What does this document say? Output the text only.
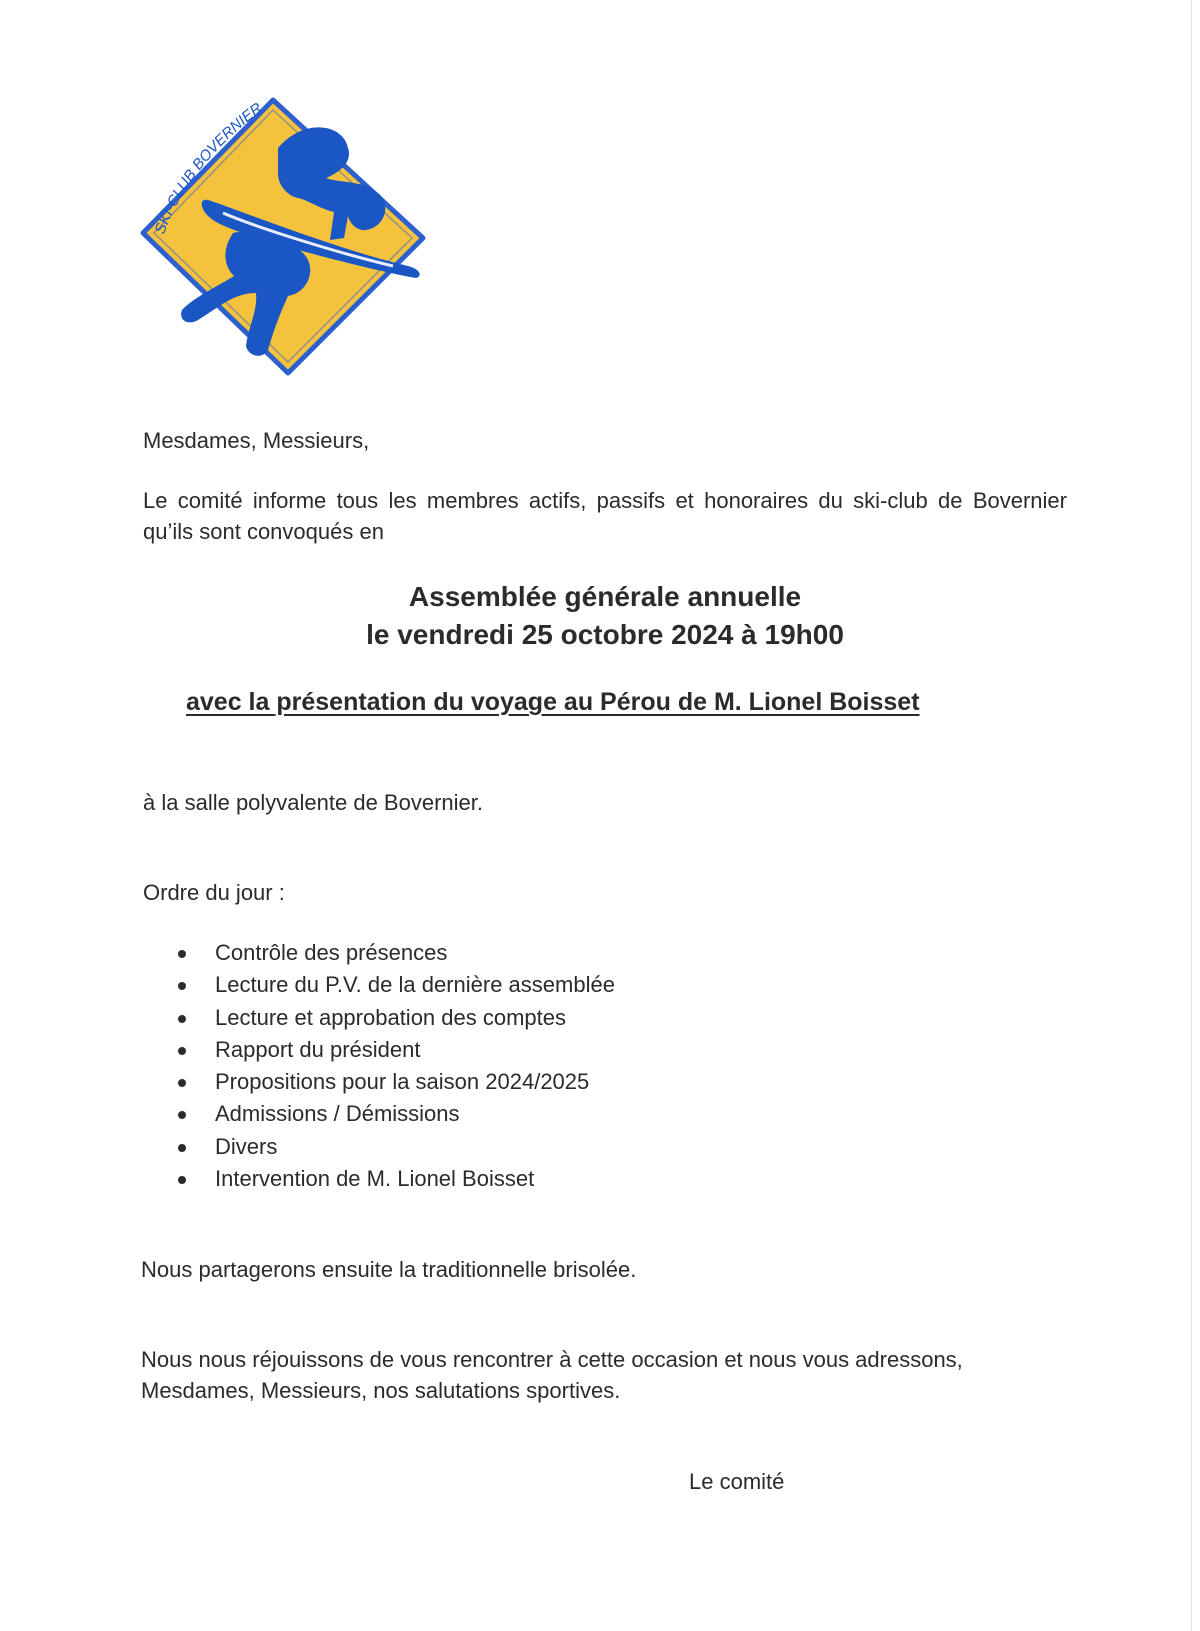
SKI-CLUB BOVERNIER
Mesdames, Messieurs,
Le comité informe tous les membres actifs, passifs et honoraires du ski-club de Bovernier qu’ils sont convoqués en
Assemblée générale annuelle
le vendredi 25 octobre 2024 à 19h00
avec la présentation du voyage au Pérou de M. Lionel Boisset
à la salle polyvalente de Bovernier.
Ordre du jour :
Contrôle des présences
Lecture du P.V. de la dernière assemblée
Lecture et approbation des comptes
Rapport du président
Propositions pour la saison 2024/2025
Admissions / Démissions
Divers
Intervention de M. Lionel Boisset
Nous partagerons ensuite la traditionnelle brisolée.
Nous nous réjouissons de vous rencontrer à cette occasion et nous vous adressons, Mesdames, Messieurs, nos salutations sportives.
Le comité
